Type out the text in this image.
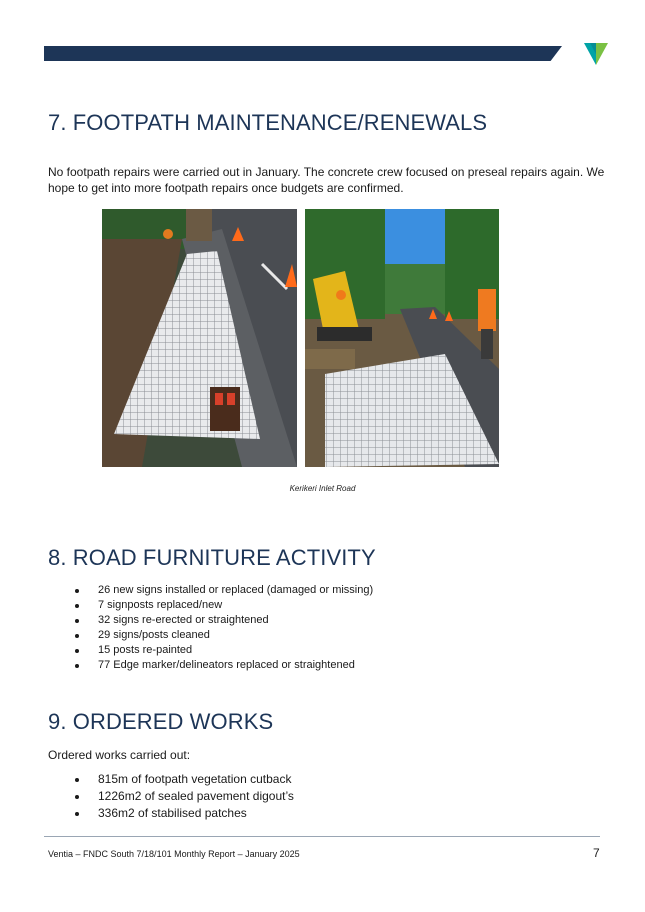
7. FOOTPATH MAINTENANCE/RENEWALS

No footpath repairs were carried out in January. The concrete crew focused on preseal repairs again. We hope to get into more footpath repairs once budgets are confirmed.

Kerikeri Inlet Road
8. ROAD FURNITURE ACTIVITY
26 new signs installed or replaced (damaged or missing)
7 signposts replaced/new
32 signs re-erected or straightened
29 signs/posts cleaned
15 posts re-painted
77 Edge marker/delineators replaced or straightened
9. ORDERED WORKS

Ordered works carried out:

815m of footpath vegetation cutback
1226m2 of sealed pavement digout’s
336m2 of stabilised patches
Ventia – FNDC South 7/18/101 Monthly Report – January 2025	7
